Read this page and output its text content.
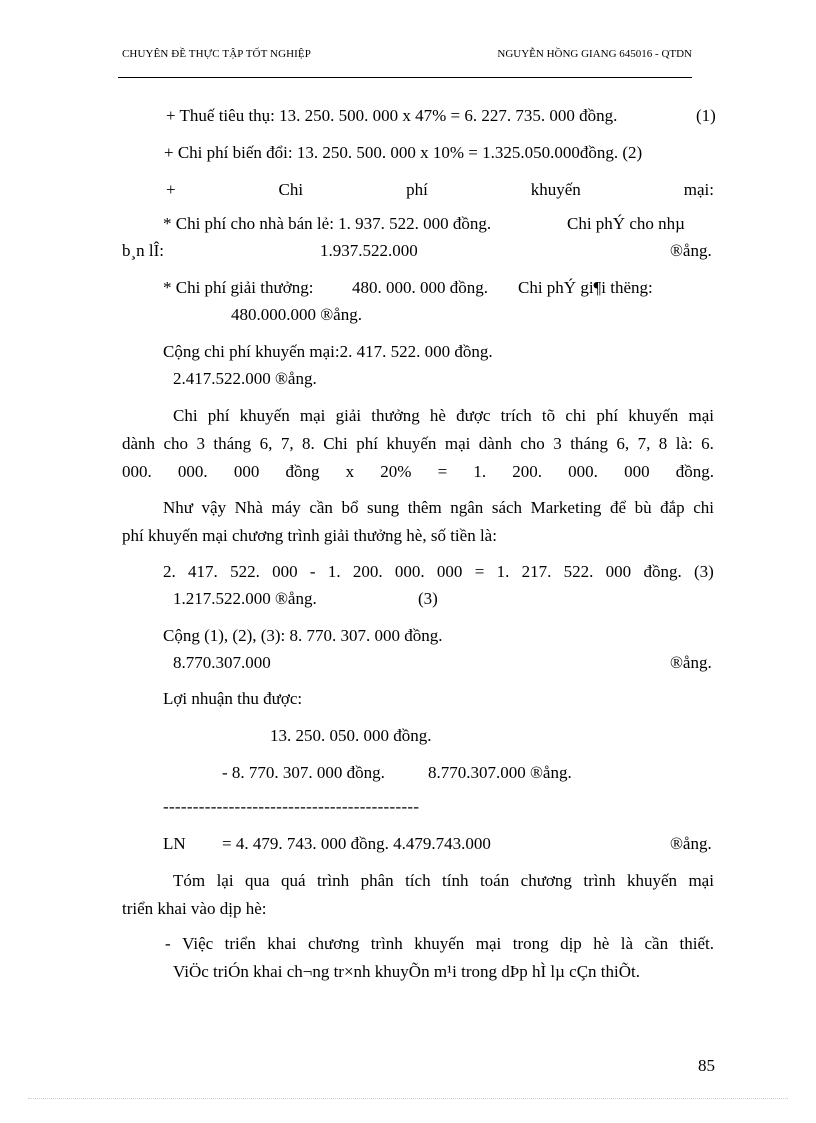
CHUYÊN ĐỀ THỰC TẬP TỐT NGHIỆP	NGUYỄN HỒNG GIANG 645016 - QTDN
+ Thuế tiêu thụ: 13. 250. 500. 000 x 47% = 6. 227. 735. 000 đồng.	(1)
+ Chi phí biến đổi: 13. 250. 500. 000 x 10% = 1.325.050.000đồng. (2)
+	Chi	phí	khuyến	mại:
* Chi phí cho nhà bán lẻ: 1. 937. 522. 000 đồng.	Chi phÝ cho nhµ
b¸n lÎ:	1.937.522.000	®ång.
* Chi phí giải thưởng: 480. 000. 000 đồng. Chi phÝ gi¶i thëng:
480.000.000 ®ång.
Cộng chi phí khuyến mại:2. 417. 522. 000 đồng.
2.417.522.000 ®ång.
Chi phí khuyến mại giải thưởng hè được trích tõ chi phí khuyến mại
dành cho 3 tháng 6, 7, 8. Chi phí khuyến mại dành cho 3 tháng 6, 7, 8 là: 6.
000. 000. 000 đồng x 20% = 1. 200. 000. 000 đồng.
Như vậy Nhà máy cần bổ sung thêm ngân sách Marketing để bù đắp chi
phí khuyến mại chương trình giải thưởng hè, số tiền là:
2. 417. 522. 000 - 1. 200. 000. 000 = 1. 217. 522. 000 đồng. (3)
1.217.522.000 ®ång.	(3)
Cộng (1), (2), (3): 8. 770. 307. 000 đồng.
8.770.307.000	®ång.
Lợi nhuận thu được:
13. 250. 050. 000 đồng.
- 8. 770. 307. 000 đồng.	8.770.307.000 ®ång.
-------------------------------------------
LN = 4. 479. 743. 000 đồng. 4.479.743.000	®ång.
Tóm lại qua quá trình phân tích tính toán chương trình khuyến mại
triển khai vào dịp hè:
- Việc triển khai chương trình khuyến mại trong dịp hè là cần thiết.
ViÖc triÓn khai ch¬ng tr×nh khuyÕn m¹i trong dÞp hÌ lµ cÇn thiÕt.
85
